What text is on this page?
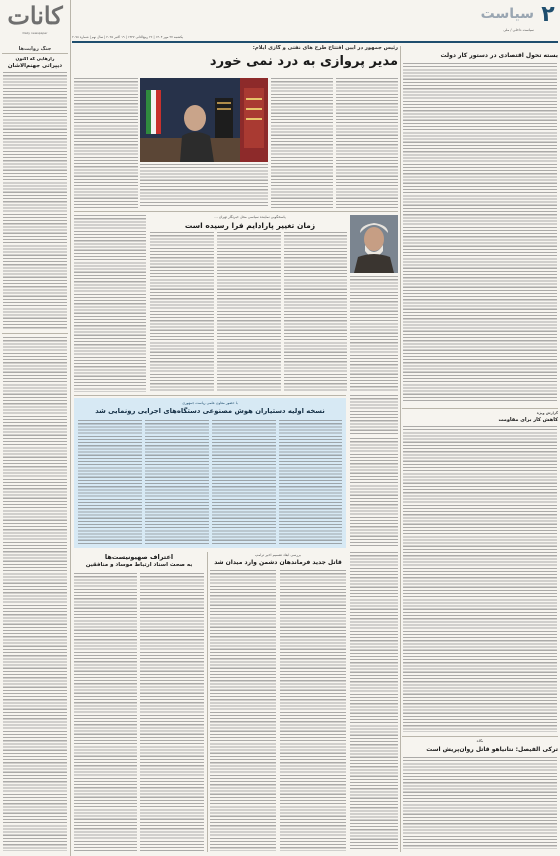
کانات
Daily newspaper
جنگ روایت‌ها
رازهایی که اکنون
دیپراتی جهنم‌الاشان
۲
سیاست
سیاست داخلی / ملی
یکشنبه ۲۷ مهر ۱۴۰۴ | ۲۶ ربیع‌الثانی ۱۴۴۷ | ۱۹ اکتبر ۲۰۲۵ | سال نهم | شماره ۲۰۷۸
بسته تحول اقتصادی در دستور کار دولت
گزارش ویژه
کاهش کار برای مقاومت
نگاه
ترکی الفیصل: نتانیاهو قاتل روان‌پریش است
رئیس جمهور در آیین افتتاح طرح های نفتی و گازی ایلام:
مدیر پروازی به درد نمی خورد
پاسخگویی نماینده سیاسی محل خبرنگار تهران ...
زمان تغییر پارادایم فرا رسیده است
با حضور معاون علمی ریاست جمهوری
نسخه اولیه دستیاران هوش مصنوعی دستگاه‌های اجرایی رونمایی شد
اعتراف صهیونیست‌ها
به صحت اسناد ارتباط موساد و منافقین
بررسی ابعاد تصمیم اخیر ترامپ
قاتل جدید فرماندهان دشمن وارد میدان شد
